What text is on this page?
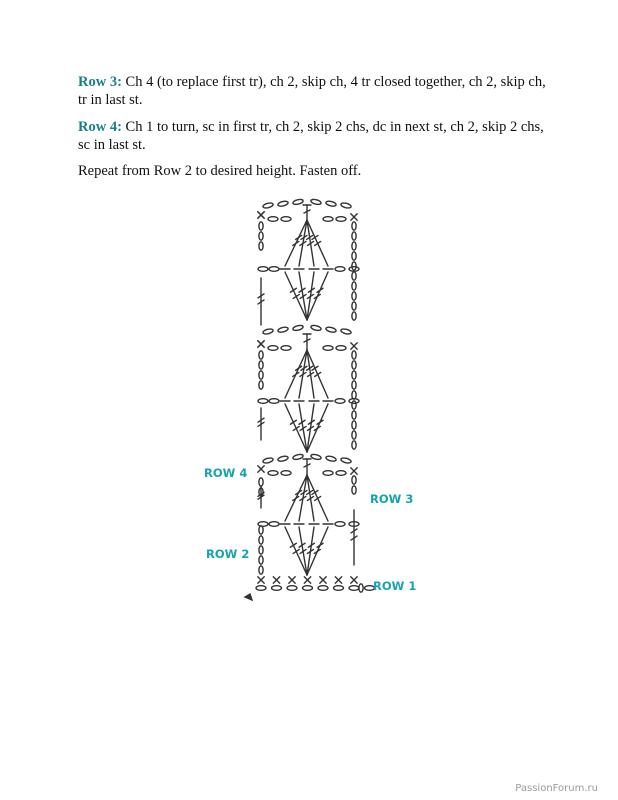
Row 3: Ch 4 (to replace first tr), ch 2, skip ch, 4 tr closed together, ch 2, skip ch, tr in last st.

Row 4: Ch 1 to turn, sc in first tr, ch 2, skip 2 chs, dc in next st, ch 2, skip 2 chs, sc in last st.

Repeat from Row 2 to desired height. Fasten off.

ROW 4
ROW 3
ROW 2
ROW 1
PassionForum.ru
